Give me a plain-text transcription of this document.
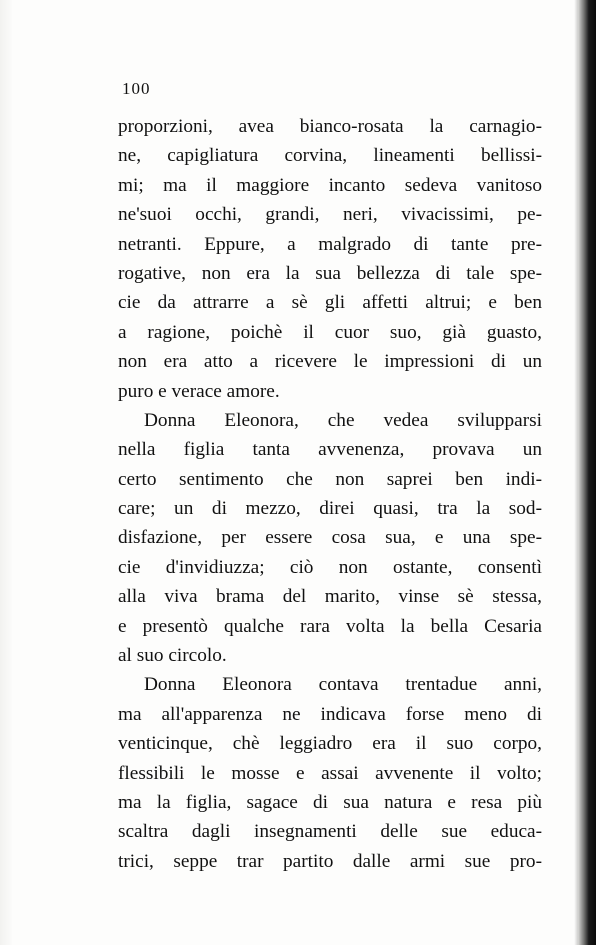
100
proporzioni, avea bianco-rosata la carnagio-
ne, capigliatura corvina, lineamenti bellissi-
mi; ma il maggiore incanto sedeva vanitoso
ne'suoi occhi, grandi, neri, vivacissimi, pe-
netranti. Eppure, a malgrado di tante pre-
rogative, non era la sua bellezza di tale spe-
cie da attrarre a sè gli affetti altrui; e ben
a ragione, poichè il cuor suo, già guasto,
non era atto a ricevere le impressioni di un
puro e verace amore.
Donna Eleonora, che vedea svilupparsi
nella figlia tanta avvenenza, provava un
certo sentimento che non saprei ben indi-
care; un di mezzo, direi quasi, tra la sod-
disfazione, per essere cosa sua, e una spe-
cie d'invidiuzza; ciò non ostante, consentì
alla viva brama del marito, vinse sè stessa,
e presentò qualche rara volta la bella Cesaria
al suo circolo.
Donna Eleonora contava trentadue anni,
ma all'apparenza ne indicava forse meno di
venticinque, chè leggiadro era il suo corpo,
flessibili le mosse e assai avvenente il volto;
ma la figlia, sagace di sua natura e resa più
scaltra dagli insegnamenti delle sue educa-
trici, seppe trar partito dalle armi sue pro-
